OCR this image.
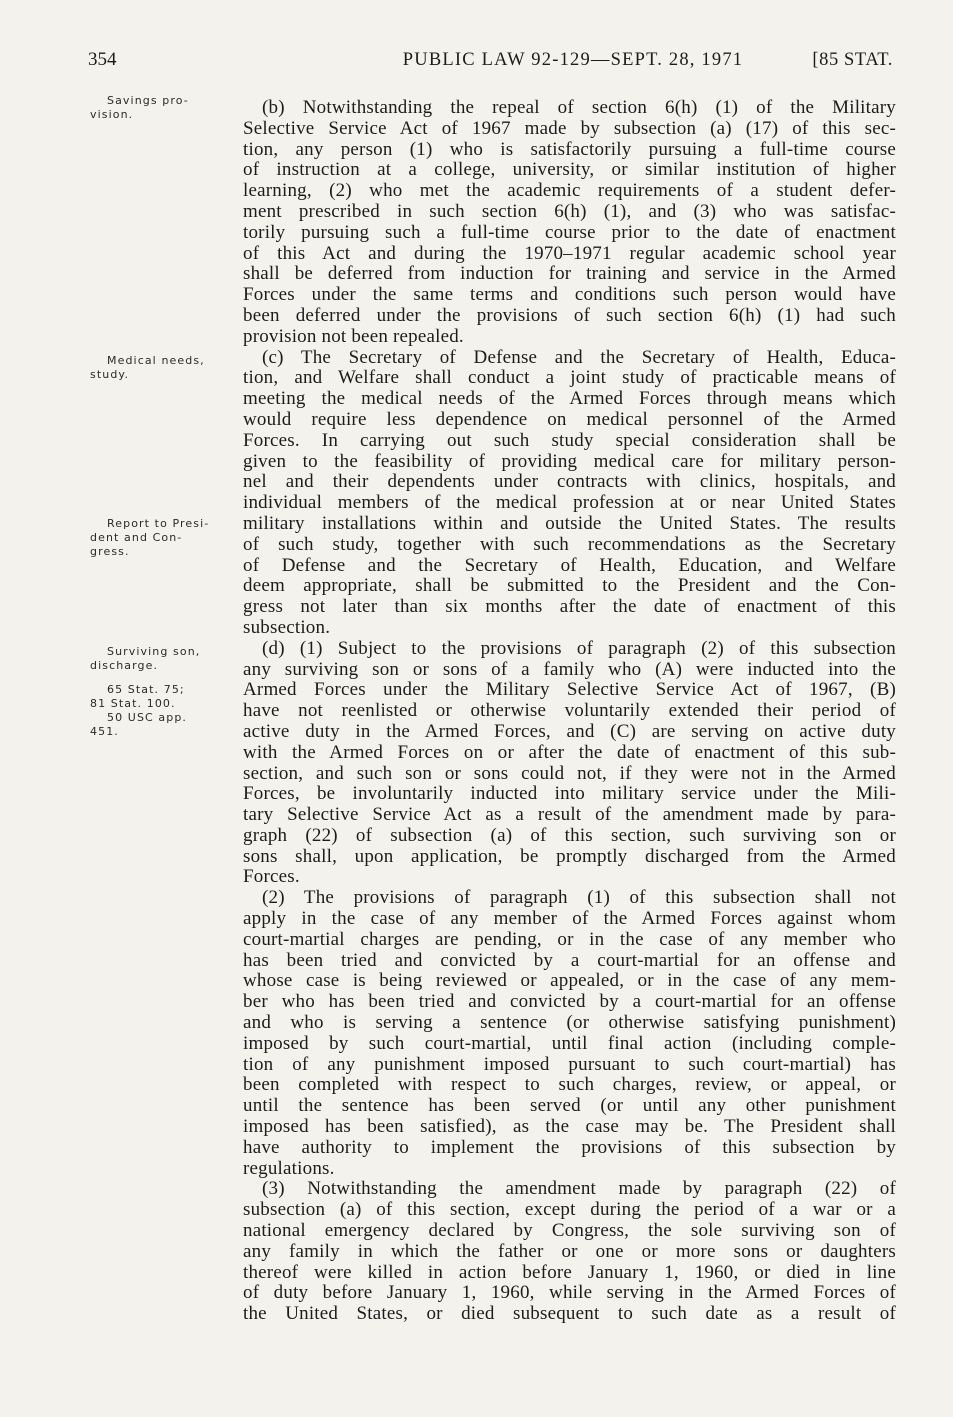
354	PUBLIC LAW 92-129—SEPT. 28, 1971	[85 STAT.
Savings pro-
vision.
Medical needs,
study.
Report to Presi-
dent and Con-
gress.
Surviving son,
discharge.
65 Stat. 75;
81 Stat. 100.
50 USC app.
451.
(b) Notwithstanding the repeal of section 6(h) (1) of the Military
Selective Service Act of 1967 made by subsection (a) (17) of this sec-
tion, any person (1) who is satisfactorily pursuing a full-time course
of instruction at a college, university, or similar institution of higher
learning, (2) who met the academic requirements of a student defer-
ment prescribed in such section 6(h) (1), and (3) who was satisfac-
torily pursuing such a full-time course prior to the date of enactment
of this Act and during the 1970–1971 regular academic school year
shall be deferred from induction for training and service in the Armed
Forces under the same terms and conditions such person would have
been deferred under the provisions of such section 6(h) (1) had such
provision not been repealed.
(c) The Secretary of Defense and the Secretary of Health, Educa-
tion, and Welfare shall conduct a joint study of practicable means of
meeting the medical needs of the Armed Forces through means which
would require less dependence on medical personnel of the Armed
Forces. In carrying out such study special consideration shall be
given to the feasibility of providing medical care for military person-
nel and their dependents under contracts with clinics, hospitals, and
individual members of the medical profession at or near United States
military installations within and outside the United States. The results
of such study, together with such recommendations as the Secretary
of Defense and the Secretary of Health, Education, and Welfare
deem appropriate, shall be submitted to the President and the Con-
gress not later than six months after the date of enactment of this
subsection.
(d) (1) Subject to the provisions of paragraph (2) of this subsection
any surviving son or sons of a family who (A) were inducted into the
Armed Forces under the Military Selective Service Act of 1967, (B)
have not reenlisted or otherwise voluntarily extended their period of
active duty in the Armed Forces, and (C) are serving on active duty
with the Armed Forces on or after the date of enactment of this sub-
section, and such son or sons could not, if they were not in the Armed
Forces, be involuntarily inducted into military service under the Mili-
tary Selective Service Act as a result of the amendment made by para-
graph (22) of subsection (a) of this section, such surviving son or
sons shall, upon application, be promptly discharged from the Armed
Forces.
(2) The provisions of paragraph (1) of this subsection shall not
apply in the case of any member of the Armed Forces against whom
court-martial charges are pending, or in the case of any member who
has been tried and convicted by a court-martial for an offense and
whose case is being reviewed or appealed, or in the case of any mem-
ber who has been tried and convicted by a court-martial for an offense
and who is serving a sentence (or otherwise satisfying punishment)
imposed by such court-martial, until final action (including comple-
tion of any punishment imposed pursuant to such court-martial) has
been completed with respect to such charges, review, or appeal, or
until the sentence has been served (or until any other punishment
imposed has been satisfied), as the case may be. The President shall
have authority to implement the provisions of this subsection by
regulations.
(3) Notwithstanding the amendment made by paragraph (22) of
subsection (a) of this section, except during the period of a war or a
national emergency declared by Congress, the sole surviving son of
any family in which the father or one or more sons or daughters
thereof were killed in action before January 1, 1960, or died in line
of duty before January 1, 1960, while serving in the Armed Forces of
the United States, or died subsequent to such date as a result of
